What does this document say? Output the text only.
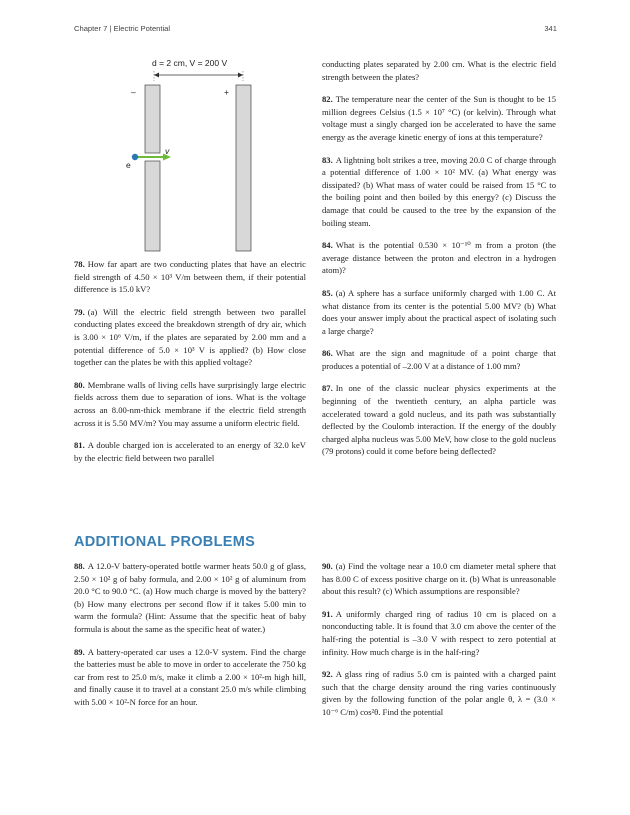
Chapter 7 | Electric Potential	341
d = 2 cm, V = 200 V
–	+
e
v

78. How far apart are two conducting plates that have an electric field strength of 4.50 × 10³ V/m between them, if their potential difference is 15.0 kV?

79. (a) Will the electric field strength between two parallel conducting plates exceed the breakdown strength of dry air, which is 3.00 × 10⁶ V/m, if the plates are separated by 2.00 mm and a potential difference of 5.0 × 10³ V is applied? (b) How close together can the plates be with this applied voltage?

80. Membrane walls of living cells have surprisingly large electric fields across them due to separation of ions. What is the voltage across an 8.00-nm-thick membrane if the electric field strength across it is 5.50 MV/m? You may assume a uniform electric field.

81. A double charged ion is accelerated to an energy of 32.0 keV by the electric field between two parallel

conducting plates separated by 2.00 cm. What is the electric field strength between the plates?

82. The temperature near the center of the Sun is thought to be 15 million degrees Celsius (1.5 × 10⁷ °C) (or kelvin). Through what voltage must a singly charged ion be accelerated to have the same energy as the average kinetic energy of ions at this temperature?

83. A lightning bolt strikes a tree, moving 20.0 C of charge through a potential difference of 1.00 × 10² MV. (a) What energy was dissipated? (b) What mass of water could be raised from 15 °C to the boiling point and then boiled by this energy? (c) Discuss the damage that could be caused to the tree by the expansion of the boiling steam.

84. What is the potential 0.530 × 10⁻¹⁰ m from a proton (the average distance between the proton and electron in a hydrogen atom)?

85. (a) A sphere has a surface uniformly charged with 1.00 C. At what distance from its center is the potential 5.00 MV? (b) What does your answer imply about the practical aspect of isolating such a large charge?

86. What are the sign and magnitude of a point charge that produces a potential of –2.00 V at a distance of 1.00 mm?

87. In one of the classic nuclear physics experiments at the beginning of the twentieth century, an alpha particle was accelerated toward a gold nucleus, and its path was substantially deflected by the Coulomb interaction. If the energy of the doubly charged alpha nucleus was 5.00 MeV, how close to the gold nucleus (79 protons) could it come before being deflected?

ADDITIONAL PROBLEMS

88. A 12.0-V battery-operated bottle warmer heats 50.0 g of glass, 2.50 × 10² g of baby formula, and 2.00 × 10² g of aluminum from 20.0 °C to 90.0 °C. (a) How much charge is moved by the battery? (b) How many electrons per second flow if it takes 5.00 min to warm the formula? (Hint: Assume that the specific heat of baby formula is about the same as the specific heat of water.)

89. A battery-operated car uses a 12.0-V system. Find the charge the batteries must be able to move in order to accelerate the 750 kg car from rest to 25.0 m/s, make it climb a 2.00 × 10²-m high hill, and finally cause it to travel at a constant 25.0 m/s while climbing with 5.00 × 10²-N force for an hour.

90. (a) Find the voltage near a 10.0 cm diameter metal sphere that has 8.00 C of excess positive charge on it. (b) What is unreasonable about this result? (c) Which assumptions are responsible?

91. A uniformly charged ring of radius 10 cm is placed on a nonconducting table. It is found that 3.0 cm above the center of the half-ring the potential is –3.0 V with respect to zero potential at infinity. How much charge is in the half-ring?

92. A glass ring of radius 5.0 cm is painted with a charged paint such that the charge density around the ring varies continuously given by the following function of the polar angle θ, λ = (3.0 × 10⁻⁶ C/m) cos²θ. Find the potential
